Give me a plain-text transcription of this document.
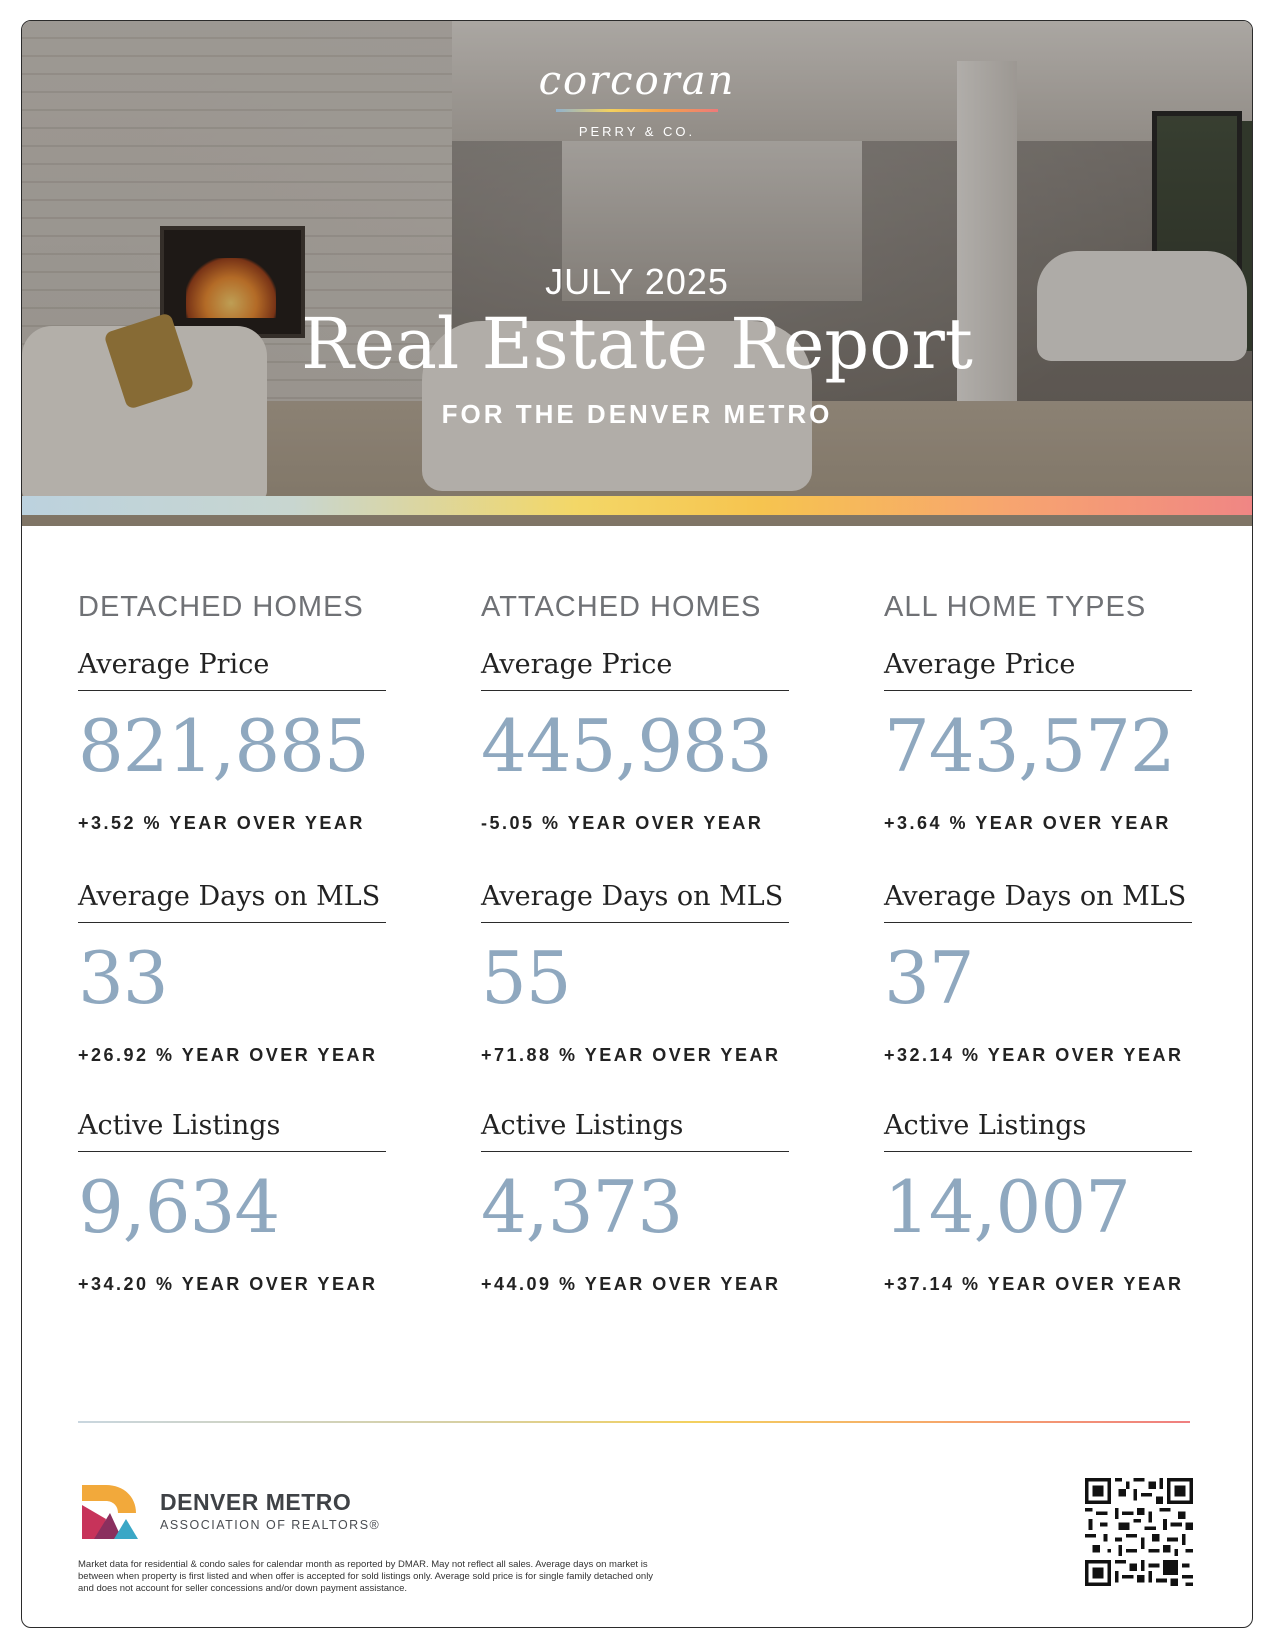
corcoran
PERRY & CO.
JULY 2025
Real Estate Report
FOR THE DENVER METRO
DETACHED HOMES
Average Price
821,885
+3.52 % YEAR OVER YEAR
Average Days on MLS
33
+26.92 % YEAR OVER YEAR
Active Listings
9,634
+34.20 % YEAR OVER YEAR
ATTACHED HOMES
Average Price
445,983
-5.05 % YEAR OVER YEAR
Average Days on MLS
55
+71.88 % YEAR OVER YEAR
Active Listings
4,373
+44.09 % YEAR OVER YEAR
ALL HOME TYPES
Average Price
743,572
+3.64 % YEAR OVER YEAR
Average Days on MLS
37
+32.14 % YEAR OVER YEAR
Active Listings
14,007
+37.14 % YEAR OVER YEAR
DENVER METRO
ASSOCIATION OF REALTORS®
Market data for residential & condo sales for calendar month as reported by DMAR. May not reflect all sales. Average days on market is between when property is first listed and when offer is accepted for sold listings only. Average sold price is for single family detached only and does not account for seller concessions and/or down payment assistance.
